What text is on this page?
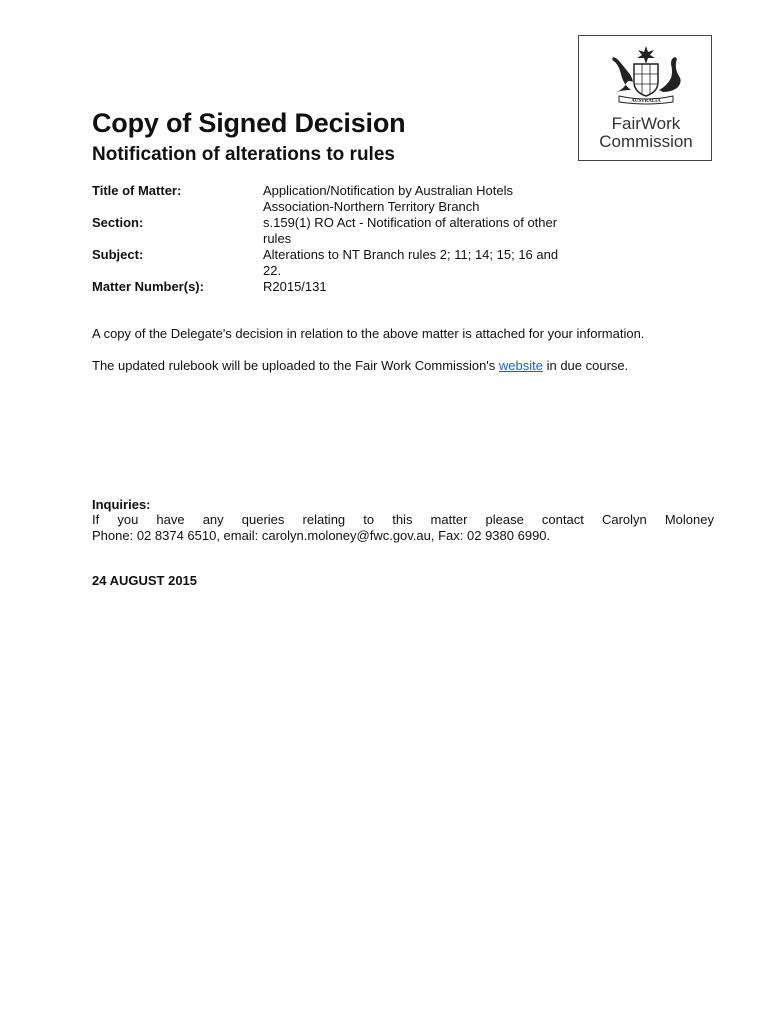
AUSTRALIA
FairWork
Commission
Copy of Signed Decision
Notification of alterations to rules
Title of Matter:	Application/Notification by Australian Hotels Association-Northern Territory Branch
Section:	s.159(1) RO Act - Notification of alterations of other rules
Subject:	Alterations to NT Branch rules 2; 11; 14; 15; 16 and 22.
Matter Number(s):	R2015/131
A copy of the Delegate's decision in relation to the above matter is attached for your information.
The updated rulebook will be uploaded to the Fair Work Commission's website in due course.
Inquiries:
If you have any queries relating to this matter please contact Carolyn Moloney
Phone: 02 8374 6510, email: carolyn.moloney@fwc.gov.au, Fax: 02 9380 6990.
24 AUGUST 2015
